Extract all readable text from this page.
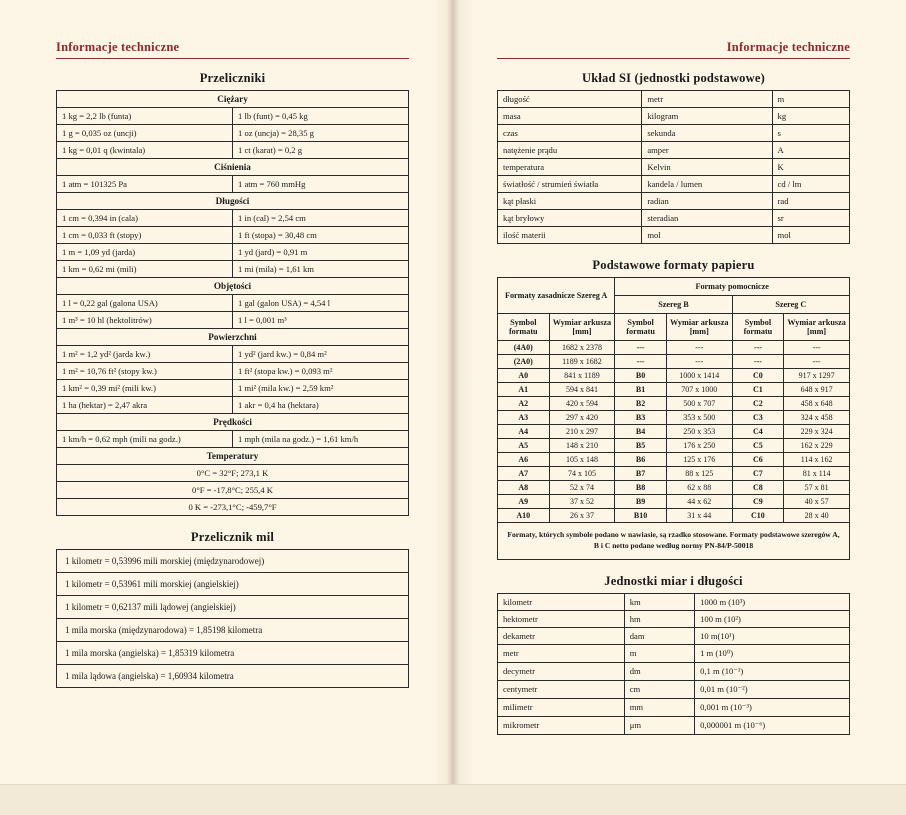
Informacje techniczne
Przeliczniki
Ciężary	
1 kg = 2,2 lb (funta)	1 lb (funt) = 0,45 kg
1 g = 0,035 oz (uncji)	1 oz (uncja) = 28,35 g
1 kg = 0,01 q (kwintala)	1 ct (karat) = 0,2 g
Ciśnienia	
1 atm = 101325 Pa	1 atm = 760 mmHg
Długości	
1 cm = 0,394 in (cala)	1 in (cal) = 2,54 cm
1 cm = 0,033 ft (stopy)	1 ft (stopa) = 30,48 cm
1 m = 1,09 yd (jarda)	1 yd (jard) = 0,91 m
1 km = 0,62 mi (mili)	1 mi (mila) = 1,61 km
Objętości	
1 l = 0,22 gal (galona USA)	1 gal (galon USA) = 4,54 l
1 m³ = 10 hl (hektolitrów)	1 l = 0,001 m³
Powierzchni	
1 m² = 1,2 yd² (jarda kw.)	1 yd² (jard kw.) = 0,84 m²
1 m² = 10,76 ft² (stopy kw.)	1 ft² (stopa kw.) = 0,093 m²
1 km² = 0,39 mi² (mili kw.)	1 mi² (mila kw.) = 2,59 km²
1 ha (hektar) = 2,47 akra	1 akr = 0,4 ha (hektara)
Prędkości	
1 km/h = 0,62 mph (mili na godz.)	1 mph (mila na godz.) = 1,61 km/h
Temperatury	
0°C = 32°F; 273,1 K	
0°F = -17,8°C; 255,4 K	
0 K = -273,1°C; -459,7°F	
Przelicznik mil
1 kilometr = 0,53996 mili morskiej (międzynarodowej)
1 kilometr = 0,53961 mili morskiej (angielskiej)
1 kilometr = 0,62137 mili lądowej (angielskiej)
1 mila morska (międzynarodowa) = 1,85198 kilometra
1 mila morska (angielska) = 1,85319 kilometra
1 mila lądowa (angielska) = 1,60934 kilometra
Informacje techniczne
Układ SI (jednostki podstawowe)
długość	metr	m
masa	kilogram	kg
czas	sekunda	s
natężenie prądu	amper	A
temperatura	Kelvin	K
światłość / strumień światła	kandela / lumen	cd / lm
kąt płaski	radian	rad
kąt bryłowy	steradian	sr
ilość materii	mol	mol
Podstawowe formaty papieru
Formaty zasadnicze Szereg A		Formaty pomocnicze			
		Szereg B		Szereg C	
Symbol formatu	Wymiar arkusza [mm]	Symbol formatu	Wymiar arkusza [mm]	Symbol formatu	Wymiar arkusza [mm]
(4A0)	1682 x 2378	---	---	---	---
(2A0)	1189 x 1682	---	---	---	---
A0	841 x 1189	B0	1000 x 1414	C0	917 x 1297
A1	594 x 841	B1	707 x 1000	C1	648 x 917
A2	420 x 594	B2	500 x 707	C2	458 x 648
A3	297 x 420	B3	353 x 500	C3	324 x 458
A4	210 x 297	B4	250 x 353	C4	229 x 324
A5	148 x 210	B5	176 x 250	C5	162 x 229
A6	105 x 148	B6	125 x 176	C6	114 x 162
A7	74 x 105	B7	88 x 125	C7	81 x 114
A8	52 x 74	B8	62 x 88	C8	57 x 81
A9	37 x 52	B9	44 x 62	C9	40 x 57
A10	26 x 37	B10	31 x 44	C10	28 x 40
Formaty, których symbole podano w nawiasie, są rzadko stosowane. Formaty podstawowe szeregów A, B i C netto podane według normy PN-84/P-50018
Jednostki miar i długości
kilometr	km	1000 m (10³)
hektometr	hm	100 m (10²)
dekametr	dam	10 m(10¹)
metr	m	1 m (10⁰)
decymetr	dm	0,1 m (10⁻¹)
centymetr	cm	0,01 m (10⁻²)
milimetr	mm	0,001 m (10⁻³)
mikrometr	μm	0,000001 m (10⁻⁶)
